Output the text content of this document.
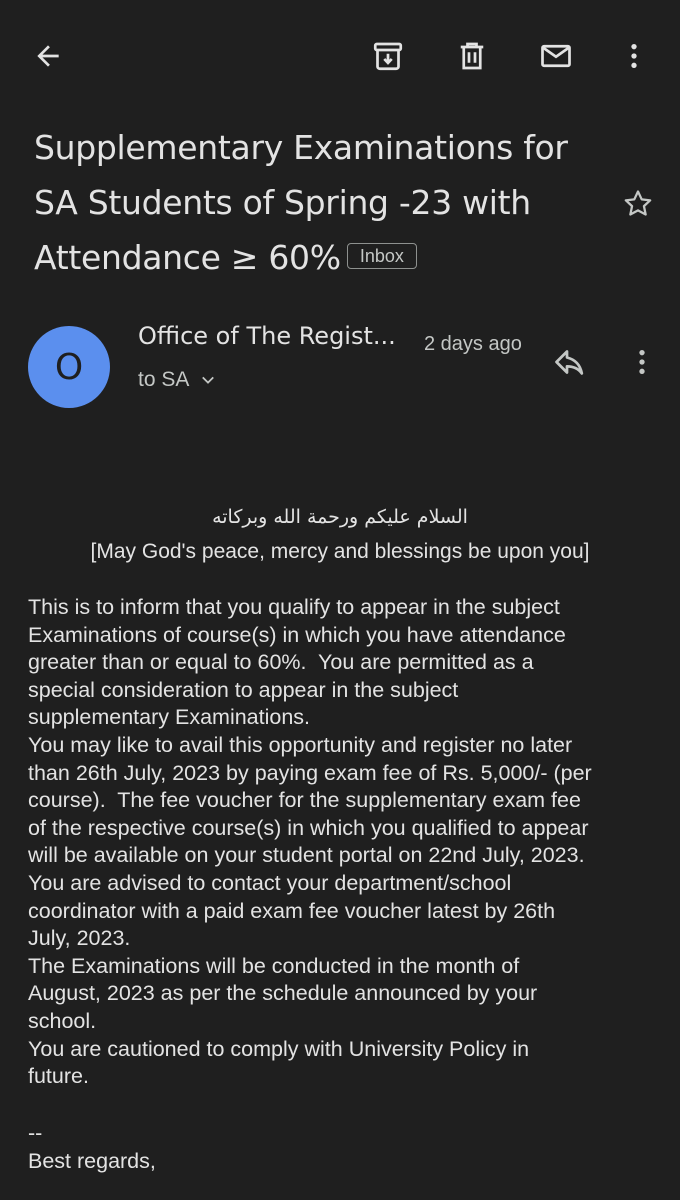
Supplementary Examinations for
SA Students of Spring -23 with
Attendance ≥ 60% Inbox
O
Office of The Regist... 2 days ago
to SA
السلام عليكم ورحمة الله وبركاته
[May God's peace, mercy and blessings be upon you]
This is to inform that you qualify to appear in the subject
Examinations of course(s) in which you have attendance
greater than or equal to 60%.  You are permitted as a
special consideration to appear in the subject
supplementary Examinations.
You may like to avail this opportunity and register no later
than 26th July, 2023 by paying exam fee of Rs. 5,000/- (per
course).  The fee voucher for the supplementary exam fee
of the respective course(s) in which you qualified to appear
will be available on your student portal on 22nd July, 2023.
You are advised to contact your department/school
coordinator with a paid exam fee voucher latest by 26th
July, 2023.
The Examinations will be conducted in the month of
August, 2023 as per the schedule announced by your
school.
You are cautioned to comply with University Policy in
future.
--
Best regards,
